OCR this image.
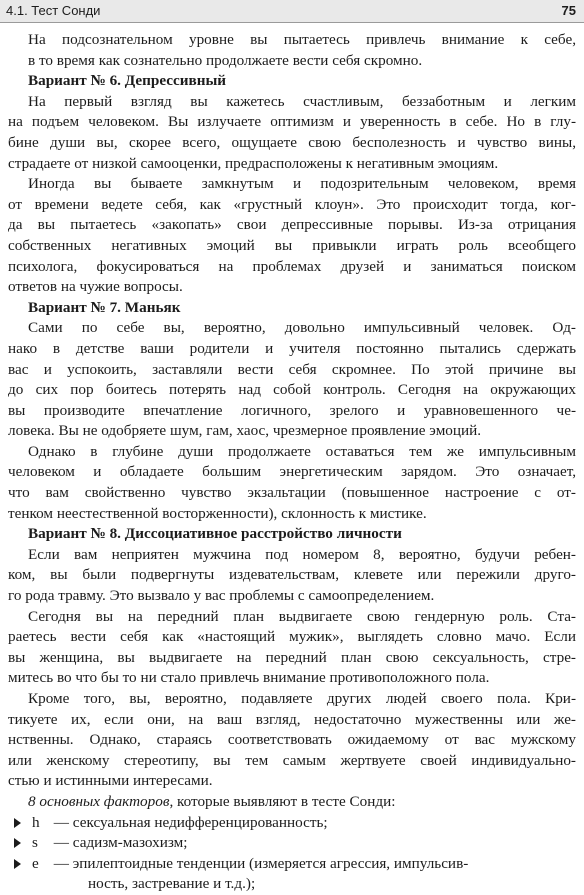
4.1. Тест Сонди	75
На подсознательном уровне вы пытаетесь привлечь внимание к себе,
в то время как сознательно продолжаете вести себя скромно.
Вариант № 6. Депрессивный
На первый взгляд вы кажетесь счастливым, беззаботным и легким
на подъем человеком. Вы излучаете оптимизм и уверенность в себе. Но в глу-
бине души вы, скорее всего, ощущаете свою бесполезность и чувство вины,
страдаете от низкой самооценки, предрасположены к негативным эмоциям.
Иногда вы бываете замкнутым и подозрительным человеком, время
от времени ведете себя, как «грустный клоун». Это происходит тогда, ког-
да вы пытаетесь «закопать» свои депрессивные порывы. Из-за отрицания
собственных негативных эмоций вы привыкли играть роль всеобщего
психолога, фокусироваться на проблемах друзей и заниматься поиском
ответов на чужие вопросы.
Вариант № 7. Маньяк
Сами по себе вы, вероятно, довольно импульсивный человек. Од-
нако в детстве ваши родители и учителя постоянно пытались сдержать
вас и успокоить, заставляли вести себя скромнее. По этой причине вы
до сих пор боитесь потерять над собой контроль. Сегодня на окружающих
вы производите впечатление логичного, зрелого и уравновешенного че-
ловека. Вы не одобряете шум, гам, хаос, чрезмерное проявление эмоций.
Однако в глубине души продолжаете оставаться тем же импульсивным
человеком и обладаете большим энергетическим зарядом. Это означает,
что вам свойственно чувство экзальтации (повышенное настроение с от-
тенком неестественной восторженности), склонность к мистике.
Вариант № 8. Диссоциативное расстройство личности
Если вам неприятен мужчина под номером 8, вероятно, будучи ребен-
ком, вы были подвергнуты издевательствам, клевете или пережили друго-
го рода травму. Это вызвало у вас проблемы с самоопределением.
Сегодня вы на передний план выдвигаете свою гендерную роль. Ста-
раетесь вести себя как «настоящий мужик», выглядеть словно мачо. Если
вы женщина, вы выдвигаете на передний план свою сексуальность, стре-
митесь во что бы то ни стало привлечь внимание противоположного пола.
Кроме того, вы, вероятно, подавляете других людей своего пола. Кри-
тикуете их, если они, на ваш взгляд, недостаточно мужественны или же-
нственны. Однако, стараясь соответствовать ожидаемому от вас мужскому
или женскому стереотипу, вы тем самым жертвуете своей индивидуально-
стью и истинными интересами.
8 основных факторов, которые выявляют в тесте Сонди:
h — сексуальная недифференцированность;
s — садизм-мазохизм;
e — эпилептоидные тенденции (измеряется агрессия, импульсив-
ность, застревание и т.д.);
